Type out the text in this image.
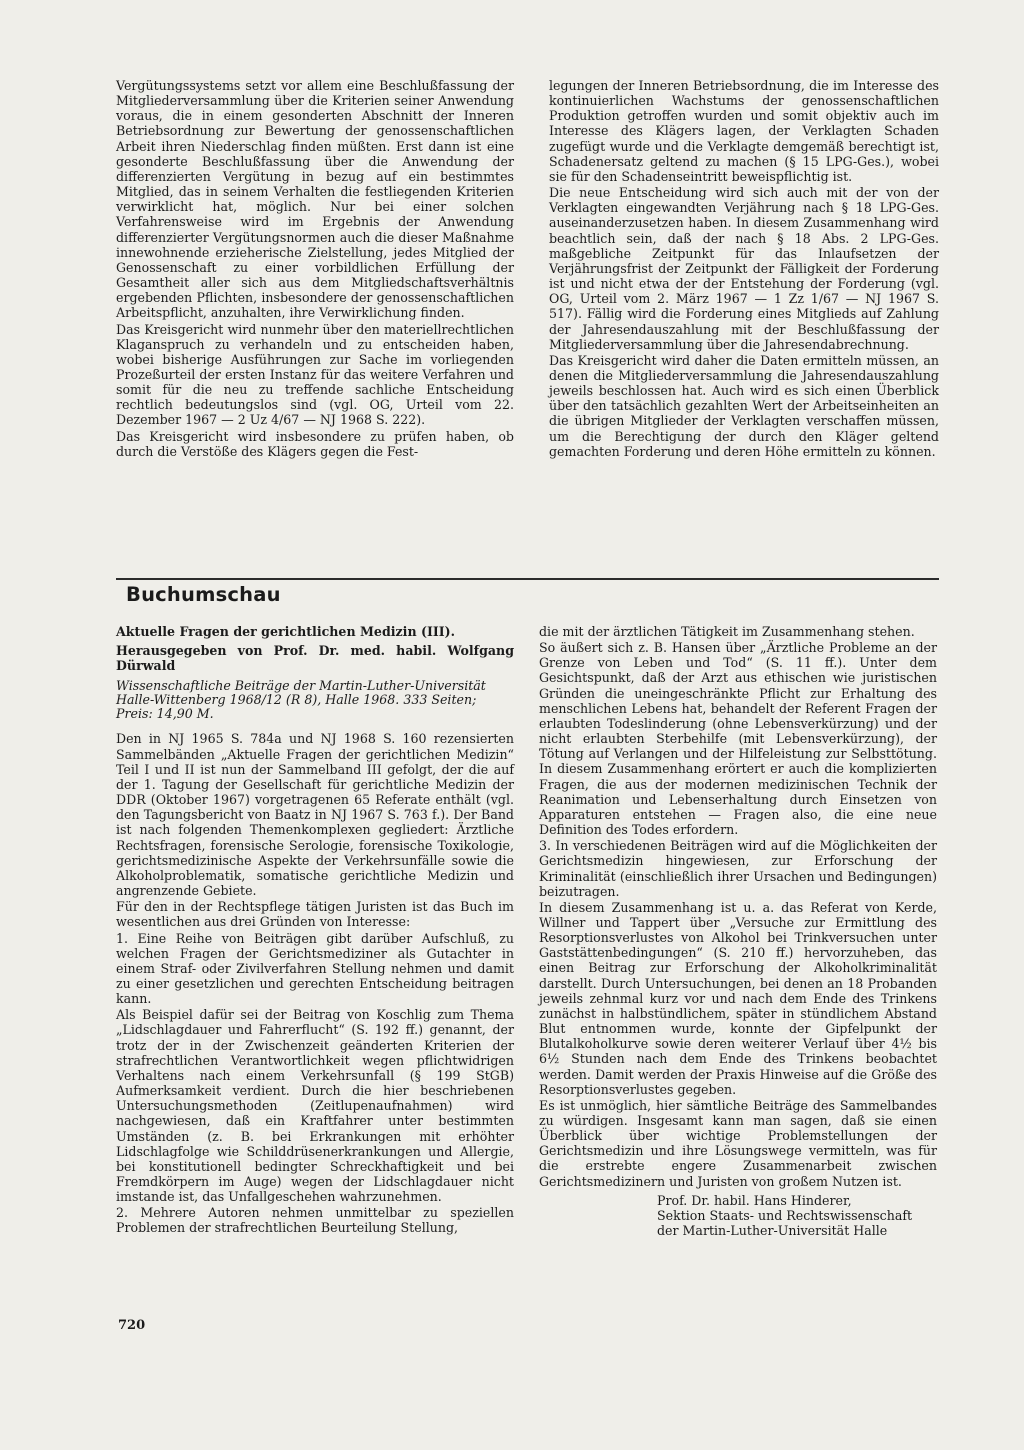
Vergütungssystems setzt vor allem eine Beschlußfassung der Mitgliederversammlung über die Kriterien seiner Anwendung voraus, die in einem gesonderten Abschnitt der Inneren Betriebsordnung zur Bewertung der genossenschaftlichen Arbeit ihren Niederschlag finden müßten. Erst dann ist eine gesonderte Beschlußfassung über die Anwendung der differenzierten Vergütung in bezug auf ein bestimmtes Mitglied, das in seinem Verhalten die festliegenden Kriterien verwirklicht hat, möglich. Nur bei einer solchen Verfahrensweise wird im Ergebnis der Anwendung differenzierter Vergütungsnormen auch die dieser Maßnahme innewohnende erzieherische Zielstellung, jedes Mitglied der Genossenschaft zu einer vorbildlichen Erfüllung der Gesamtheit aller sich aus dem Mitgliedschaftsverhältnis ergebenden Pflichten, insbesondere der genossenschaftlichen Arbeitspflicht, anzuhalten, ihre Verwirklichung finden.

Das Kreisgericht wird nunmehr über den materiellrechtlichen Klaganspruch zu verhandeln und zu entscheiden haben, wobei bisherige Ausführungen zur Sache im vorliegenden Prozeßurteil der ersten Instanz für das weitere Verfahren und somit für die neu zu treffende sachliche Entscheidung rechtlich bedeutungslos sind (vgl. OG, Urteil vom 22. Dezember 1967 — 2 Uz 4/67 — NJ 1968 S. 222).

Das Kreisgericht wird insbesondere zu prüfen haben, ob durch die Verstöße des Klägers gegen die Fest-

legungen der Inneren Betriebsordnung, die im Interesse des kontinuierlichen Wachstums der genossenschaftlichen Produktion getroffen wurden und somit objektiv auch im Interesse des Klägers lagen, der Verklagten Schaden zugefügt wurde und die Verklagte demgemäß berechtigt ist, Schadenersatz geltend zu machen (§ 15 LPG-Ges.), wobei sie für den Schadenseintritt beweispflichtig ist.

Die neue Entscheidung wird sich auch mit der von der Verklagten eingewandten Verjährung nach § 18 LPG-Ges. auseinanderzusetzen haben. In diesem Zusammenhang wird beachtlich sein, daß der nach § 18 Abs. 2 LPG-Ges. maßgebliche Zeitpunkt für das Inlaufsetzen der Verjährungsfrist der Zeitpunkt der Fälligkeit der Forderung ist und nicht etwa der der Entstehung der Forderung (vgl. OG, Urteil vom 2. März 1967 — 1 Zz 1/67 — NJ 1967 S. 517). Fällig wird die Forderung eines Mitglieds auf Zahlung der Jahresendauszahlung mit der Beschlußfassung der Mitgliederversammlung über die Jahresendabrechnung.

Das Kreisgericht wird daher die Daten ermitteln müssen, an denen die Mitgliederversammlung die Jahresendauszahlung jeweils beschlossen hat. Auch wird es sich einen Überblick über den tatsächlich gezahlten Wert der Arbeitseinheiten an die übrigen Mitglieder der Verklagten verschaffen müssen, um die Berechtigung der durch den Kläger geltend gemachten Forderung und deren Höhe ermitteln zu können.

Buchumschau

Aktuelle Fragen der gerichtlichen Medizin (III).

Herausgegeben von Prof. Dr. med. habil. Wolfgang Dürwald

Wissenschaftliche Beiträge der Martin-Luther-Universität Halle-Wittenberg 1968/12 (R 8), Halle 1968. 333 Seiten; Preis: 14,90 M.

Den in NJ 1965 S. 784a und NJ 1968 S. 160 rezensierten Sammelbänden „Aktuelle Fragen der gerichtlichen Medizin“ Teil I und II ist nun der Sammelband III gefolgt, der die auf der 1. Tagung der Gesellschaft für gerichtliche Medizin der DDR (Oktober 1967) vorgetragenen 65 Referate enthält (vgl. den Tagungsbericht von Baatz in NJ 1967 S. 763 f.). Der Band ist nach folgenden Themenkomplexen gegliedert: Ärztliche Rechtsfragen, forensische Serologie, forensische Toxikologie, gerichtsmedizinische Aspekte der Verkehrsunfälle sowie die Alkoholproblematik, somatische gerichtliche Medizin und angrenzende Gebiete.

Für den in der Rechtspflege tätigen Juristen ist das Buch im wesentlichen aus drei Gründen von Interesse:

1. Eine Reihe von Beiträgen gibt darüber Aufschluß, zu welchen Fragen der Gerichtsmediziner als Gutachter in einem Straf- oder Zivilverfahren Stellung nehmen und damit zu einer gesetzlichen und gerechten Entscheidung beitragen kann.

Als Beispiel dafür sei der Beitrag von Koschlig zum Thema „Lidschlagdauer und Fahrerflucht“ (S. 192 ff.) genannt, der trotz der in der Zwischenzeit geänderten Kriterien der strafrechtlichen Verantwortlichkeit wegen pflichtwidrigen Verhaltens nach einem Verkehrsunfall (§ 199 StGB) Aufmerksamkeit verdient. Durch die hier beschriebenen Untersuchungsmethoden (Zeitlupenaufnahmen) wird nachgewiesen, daß ein Kraftfahrer unter bestimmten Umständen (z. B. bei Erkrankungen mit erhöhter Lidschlagfolge wie Schilddrüsenerkrankungen und Allergie, bei konstitutionell bedingter Schreckhaftigkeit und bei Fremdkörpern im Auge) wegen der Lidschlagdauer nicht imstande ist, das Unfallgeschehen wahrzunehmen.

2. Mehrere Autoren nehmen unmittelbar zu speziellen Problemen der strafrechtlichen Beurteilung Stellung,

die mit der ärztlichen Tätigkeit im Zusammenhang stehen.

So äußert sich z. B. Hansen über „Ärztliche Probleme an der Grenze von Leben und Tod“ (S. 11 ff.). Unter dem Gesichtspunkt, daß der Arzt aus ethischen wie juristischen Gründen die uneingeschränkte Pflicht zur Erhaltung des menschlichen Lebens hat, behandelt der Referent Fragen der erlaubten Todeslinderung (ohne Lebensverkürzung) und der nicht erlaubten Sterbehilfe (mit Lebensverkürzung), der Tötung auf Verlangen und der Hilfeleistung zur Selbsttötung. In diesem Zusammenhang erörtert er auch die komplizierten Fragen, die aus der modernen medizinischen Technik der Reanimation und Lebenserhaltung durch Einsetzen von Apparaturen entstehen — Fragen also, die eine neue Definition des Todes erfordern.

3. In verschiedenen Beiträgen wird auf die Möglichkeiten der Gerichtsmedizin hingewiesen, zur Erforschung der Kriminalität (einschließlich ihrer Ursachen und Bedingungen) beizutragen.

In diesem Zusammenhang ist u. a. das Referat von Kerde, Willner und Tappert über „Versuche zur Ermittlung des Resorptionsverlustes von Alkohol bei Trinkversuchen unter Gaststättenbedingungen“ (S. 210 ff.) hervorzuheben, das einen Beitrag zur Erforschung der Alkoholkriminalität darstellt. Durch Untersuchungen, bei denen an 18 Probanden jeweils zehnmal kurz vor und nach dem Ende des Trinkens zunächst in halbstündlichem, später in stündlichem Abstand Blut entnommen wurde, konnte der Gipfelpunkt der Blutalkoholkurve sowie deren weiterer Verlauf über 4½ bis 6½ Stunden nach dem Ende des Trinkens beobachtet werden. Damit werden der Praxis Hinweise auf die Größe des Resorptionsverlustes gegeben.

Es ist unmöglich, hier sämtliche Beiträge des Sammelbandes zu würdigen. Insgesamt kann man sagen, daß sie einen Überblick über wichtige Problemstellungen der Gerichtsmedizin und ihre Lösungswege vermitteln, was für die erstrebte engere Zusammenarbeit zwischen Gerichtsmedizinern und Juristen von großem Nutzen ist.

Prof. Dr. habil. Hans Hinderer,
Sektion Staats- und Rechtswissenschaft
der Martin-Luther-Universität Halle
720
